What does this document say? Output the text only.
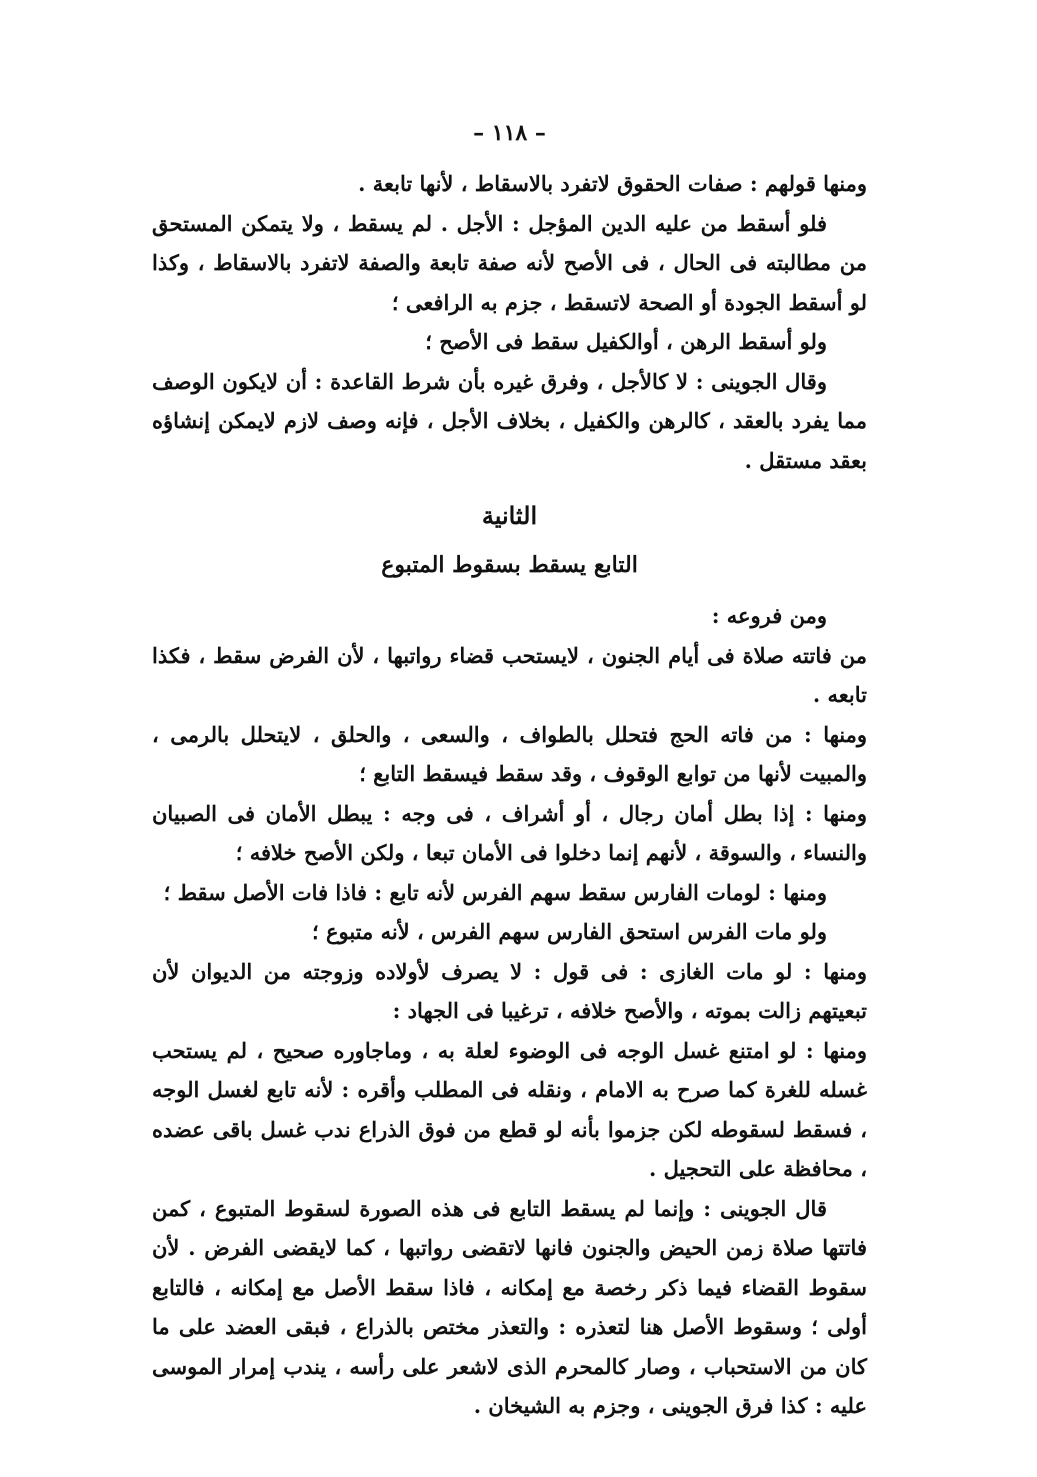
– ١١٨ –

ومنها قولهم : صفات الحقوق لاتفرد بالاسقاط ، لأنها تابعة .

فلو أسقط من عليه الدين المؤجل : الأجل . لم يسقط ، ولا يتمكن المستحق من مطالبته فى الحال ، فى الأصح لأنه صفة تابعة والصفة لاتفرد بالاسقاط ، وكذا لو أسقط الجودة أو الصحة لاتسقط ، جزم به الرافعى ؛

ولو أسقط الرهن ، أوالكفيل سقط فى الأصح ؛

وقال الجوينى : لا كالأجل ، وفرق غيره بأن شرط القاعدة : أن لايكون الوصف مما يفرد بالعقد ، كالرهن والكفيل ، بخلاف الأجل ، فإنه وصف لازم لايمكن إنشاؤه بعقد مستقل .

الثانية
التابع يسقط بسقوط المتبوع

ومن فروعه :

من فاتته صلاة فى أيام الجنون ، لايستحب قضاء رواتبها ، لأن الفرض سقط ، فكذا تابعه .

ومنها : من فاته الحج فتحلل بالطواف ، والسعى ، والحلق ، لايتحلل بالرمى ، والمبيت لأنها من توابع الوقوف ، وقد سقط فيسقط التابع ؛

ومنها : إذا بطل أمان رجال ، أو أشراف ، فى وجه : يبطل الأمان فى الصبيان والنساء ، والسوقة ، لأنهم إنما دخلوا فى الأمان تبعا ، ولكن الأصح خلافه ؛

ومنها : لومات الفارس سقط سهم الفرس لأنه تابع : فاذا فات الأصل سقط ؛

ولو مات الفرس استحق الفارس سهم الفرس ، لأنه متبوع ؛

ومنها : لو مات الغازى : فى قول : لا يصرف لأولاده وزوجته من الديوان لأن تبعيتهم زالت بموته ، والأصح خلافه ، ترغيبا فى الجهاد :

ومنها : لو امتنع غسل الوجه فى الوضوء لعلة به ، وماجاوره صحيح ، لم يستحب غسله للغرة كما صرح به الامام ، ونقله فى المطلب وأقره : لأنه تابع لغسل الوجه ، فسقط لسقوطه لكن جزموا بأنه لو قطع من فوق الذراع ندب غسل باقى عضده ، محافظة على التحجيل .

قال الجوينى : وإنما لم يسقط التابع فى هذه الصورة لسقوط المتبوع ، كمن فاتتها صلاة زمن الحيض والجنون فانها لاتقضى رواتبها ، كما لايقضى الفرض . لأن سقوط القضاء فيما ذكر رخصة مع إمكانه ، فاذا سقط الأصل مع إمكانه ، فالتابع أولى ؛ وسقوط الأصل هنا لتعذره : والتعذر مختص بالذراع ، فبقى العضد على ما كان من الاستحباب ، وصار كالمحرم الذى لاشعر على رأسه ، يندب إمرار الموسى عليه : كذا فرق الجوينى ، وجزم به الشيخان .
